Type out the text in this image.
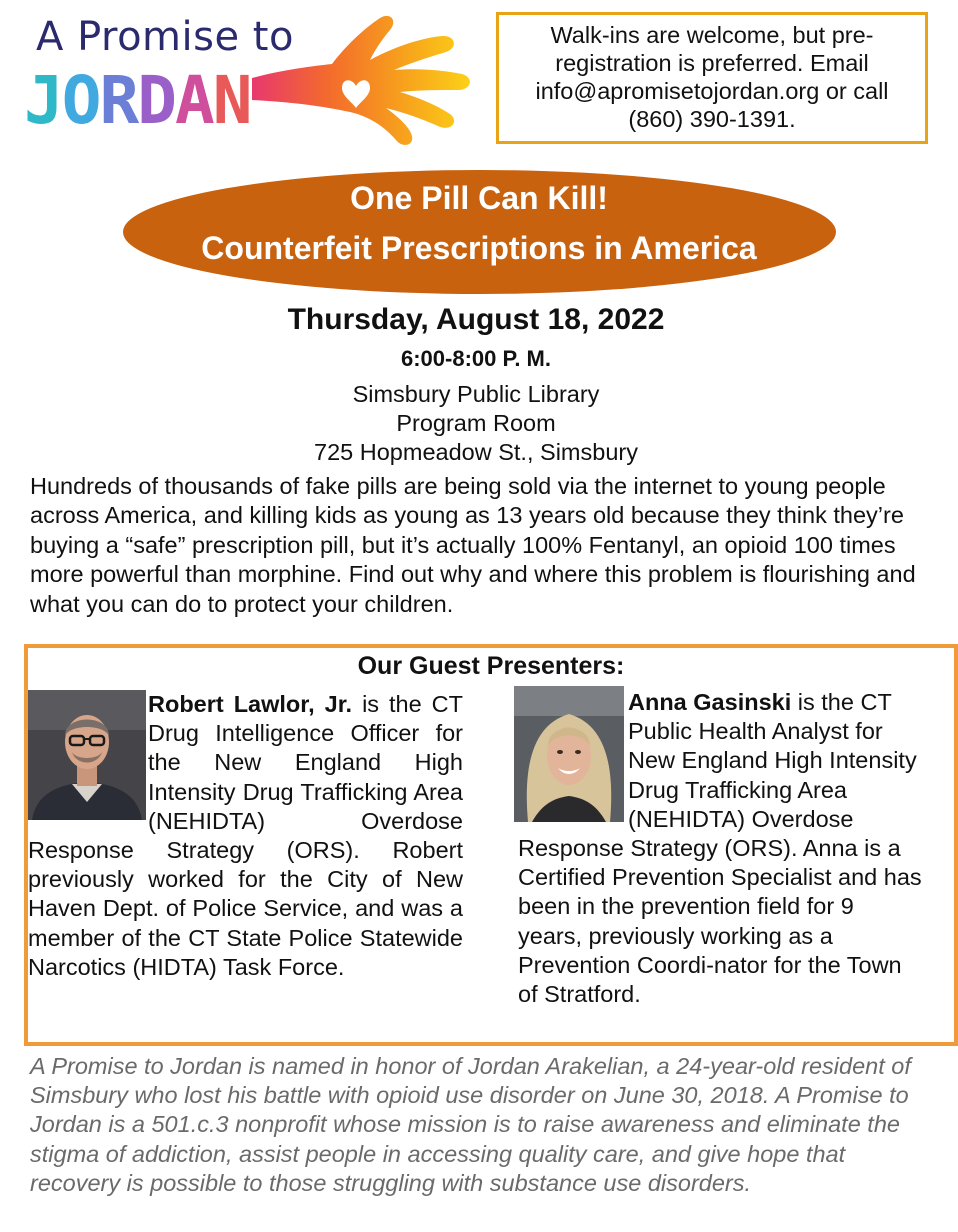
A Promise to
JORDAN
Walk-ins are welcome, but pre-registration is preferred. Email info@apromisetojordan.org or call (860) 390-1391.
One Pill Can Kill!
Counterfeit Prescriptions in America
Thursday, August 18, 2022
6:00-8:00 P. M.
Simsbury Public Library
Program Room
725 Hopmeadow St., Simsbury
Hundreds of thousands of fake pills are being sold via the internet to young people across America, and killing kids as young as 13 years old because they think they’re buying a “safe” prescription pill, but it’s actually 100% Fentanyl, an opioid 100 times more powerful than morphine. Find out why and where this problem is flourishing and what you can do to protect your children.
Our Guest Presenters:
Robert Lawlor, Jr. is the CT Drug Intelligence Officer for the New England High Intensity Drug Trafficking Area (NEHIDTA) Overdose Response Strategy (ORS). Robert previously worked for the City of New Haven Dept. of Police Service, and was a member of the CT State Police Statewide Narcotics (HIDTA) Task Force.
Anna Gasinski is the CT Public Health Analyst for New England High Intensity Drug Trafficking Area (NEHIDTA) Overdose Response Strategy (ORS). Anna is a Certified Prevention Specialist and has been in the prevention field for 9 years, previously working as a Prevention Coordi-nator for the Town of Stratford.
A Promise to Jordan is named in honor of Jordan Arakelian, a 24-year-old resident of Simsbury who lost his battle with opioid use disorder on June 30, 2018. A Promise to Jordan is a 501.c.3 nonprofit whose mission is to raise awareness and eliminate the stigma of addiction, assist people in accessing quality care, and give hope that recovery is possible to those struggling with substance use disorders.
